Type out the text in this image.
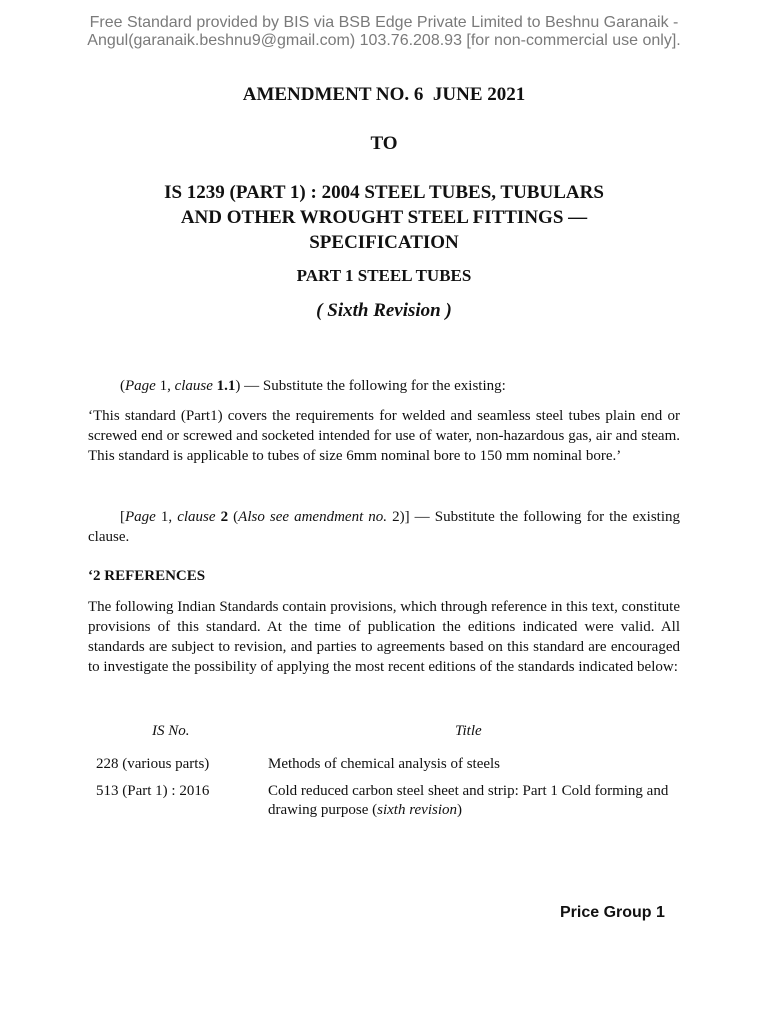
Free Standard provided by BIS via BSB Edge Private Limited to Beshnu Garanaik -
Angul(garanaik.beshnu9@gmail.com) 103.76.208.93 [for non-commercial use only].
AMENDMENT NO. 6  JUNE 2021
TO
IS 1239 (PART 1) : 2004 STEEL TUBES, TUBULARS
AND OTHER WROUGHT STEEL FITTINGS —
SPECIFICATION
PART 1 STEEL TUBES
( Sixth Revision )
(Page 1, clause 1.1) — Substitute the following for the existing:
‘This standard (Part1) covers the requirements for welded and seamless steel tubes plain end or screwed end or screwed and socketed intended for use of water, non-hazardous gas, air and steam. This standard is applicable to tubes of size 6mm nominal bore to 150 mm nominal bore.’
[Page 1, clause 2 (Also see amendment no. 2)] — Substitute the following for the existing clause.
‘2 REFERENCES
The following Indian Standards contain provisions, which through reference in this text, constitute provisions of this standard. At the time of publication the editions indicated were valid. All standards are subject to revision, and parties to agreements based on this standard are encouraged to investigate the possibility of applying the most recent editions of the standards indicated below:
IS No.	Title
228 (various parts)	Methods of chemical analysis of steels
513 (Part 1) : 2016	Cold reduced carbon steel sheet and strip: Part 1 Cold forming and drawing purpose (sixth revision)
Price Group 1
